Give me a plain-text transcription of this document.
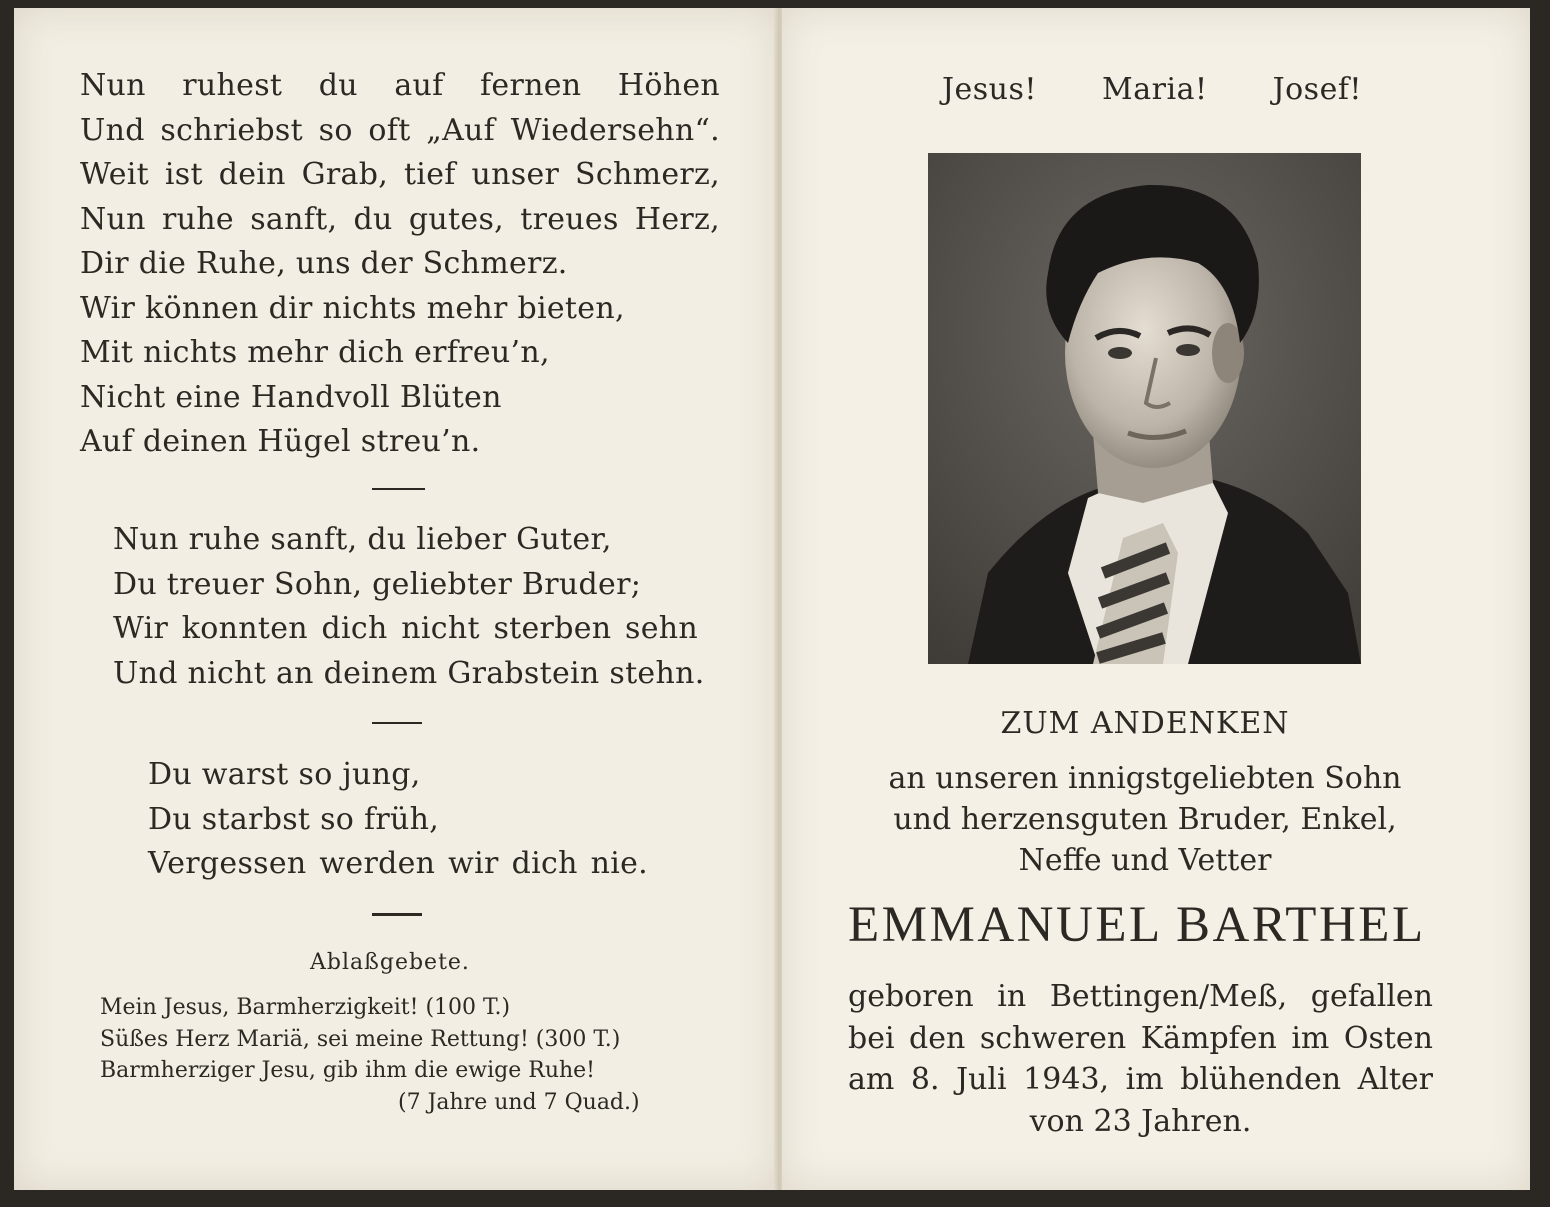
Nun ruhest du auf fernen Höhen
Und schriebst so oft „Auf Wiedersehn“.
Weit ist dein Grab, tief unser Schmerz,
Nun ruhe sanft, du gutes, treues Herz,
Dir die Ruhe, uns der Schmerz.
Wir können dir nichts mehr bieten,
Mit nichts mehr dich erfreu’n,
Nicht eine Handvoll Blüten
Auf deinen Hügel streu’n.
Nun ruhe sanft, du lieber Guter,
Du treuer Sohn, geliebter Bruder;
Wir konnten dich nicht sterben sehn
Und nicht an deinem Grabstein stehn.
Du warst so jung,
Du starbst so früh,
Vergessen werden wir dich nie.
Ablaßgebete.
Mein Jesus, Barmherzigkeit! (100 T.)
Süßes Herz Mariä, sei meine Rettung! (300 T.)
Barmherziger Jesu, gib ihm die ewige Ruhe!
(7 Jahre und 7 Quad.)
Jesus! Maria! Josef!
ZUM ANDENKEN
an unseren innigstgeliebten Sohn
und herzensguten Bruder, Enkel,
Neffe und Vetter
EMMANUEL BARTHEL
geboren in Bettingen/Meß, gefallen
bei den schweren Kämpfen im Osten
am 8. Juli 1943, im blühenden Alter
von 23 Jahren.
